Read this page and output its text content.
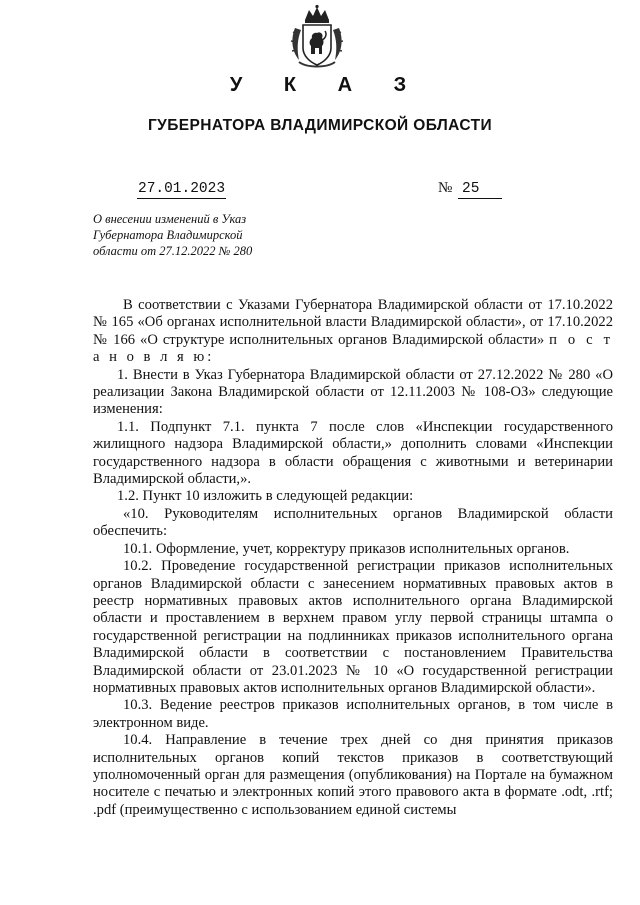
У К А З
ГУБЕРНАТОРА ВЛАДИМИРСКОЙ ОБЛАСТИ
27.01.2023	№ 25
О внесении изменений в Указ Губернатора Владимирской области от 27.12.2022 № 280

В соответствии с Указами Губернатора Владимирской области от 17.10.2022 № 165 «Об органах исполнительной власти Владимирской области», от 17.10.2022 № 166 «О структуре исполнительных органов Владимирской области» п о с т а н о в л я ю:

1. Внести в Указ Губернатора Владимирской области от 27.12.2022 № 280 «О реализации Закона Владимирской области от 12.11.2003 № 108-ОЗ» следующие изменения:

1.1. Подпункт 7.1. пункта 7 после слов «Инспекции государственного жилищного надзора Владимирской области,» дополнить словами «Инспекции государственного надзора в области обращения с животными и ветеринарии Владимирской области,».

1.2. Пункт 10 изложить в следующей редакции:

«10. Руководителям исполнительных органов Владимирской области обеспечить:

10.1. Оформление, учет, корректуру приказов исполнительных органов.

10.2. Проведение государственной регистрации приказов исполнительных органов Владимирской области с занесением нормативных правовых актов в реестр нормативных правовых актов исполнительного органа Владимирской области и проставлением в верхнем правом углу первой страницы штампа о государственной регистрации на подлинниках приказов исполнительного органа Владимирской области в соответствии с постановлением Правительства Владимирской области от 23.01.2023 № 10 «О государственной регистрации нормативных правовых актов исполнительных органов Владимирской области».

10.3. Ведение реестров приказов исполнительных органов, в том числе в электронном виде.

10.4. Направление в течение трех дней со дня принятия приказов исполнительных органов копий текстов приказов в соответствующий уполномоченный орган для размещения (опубликования) на Портале на бумажном носителе с печатью и электронных копий этого правового акта в формате .odt, .rtf; .pdf (преимущественно с использованием единой системы
